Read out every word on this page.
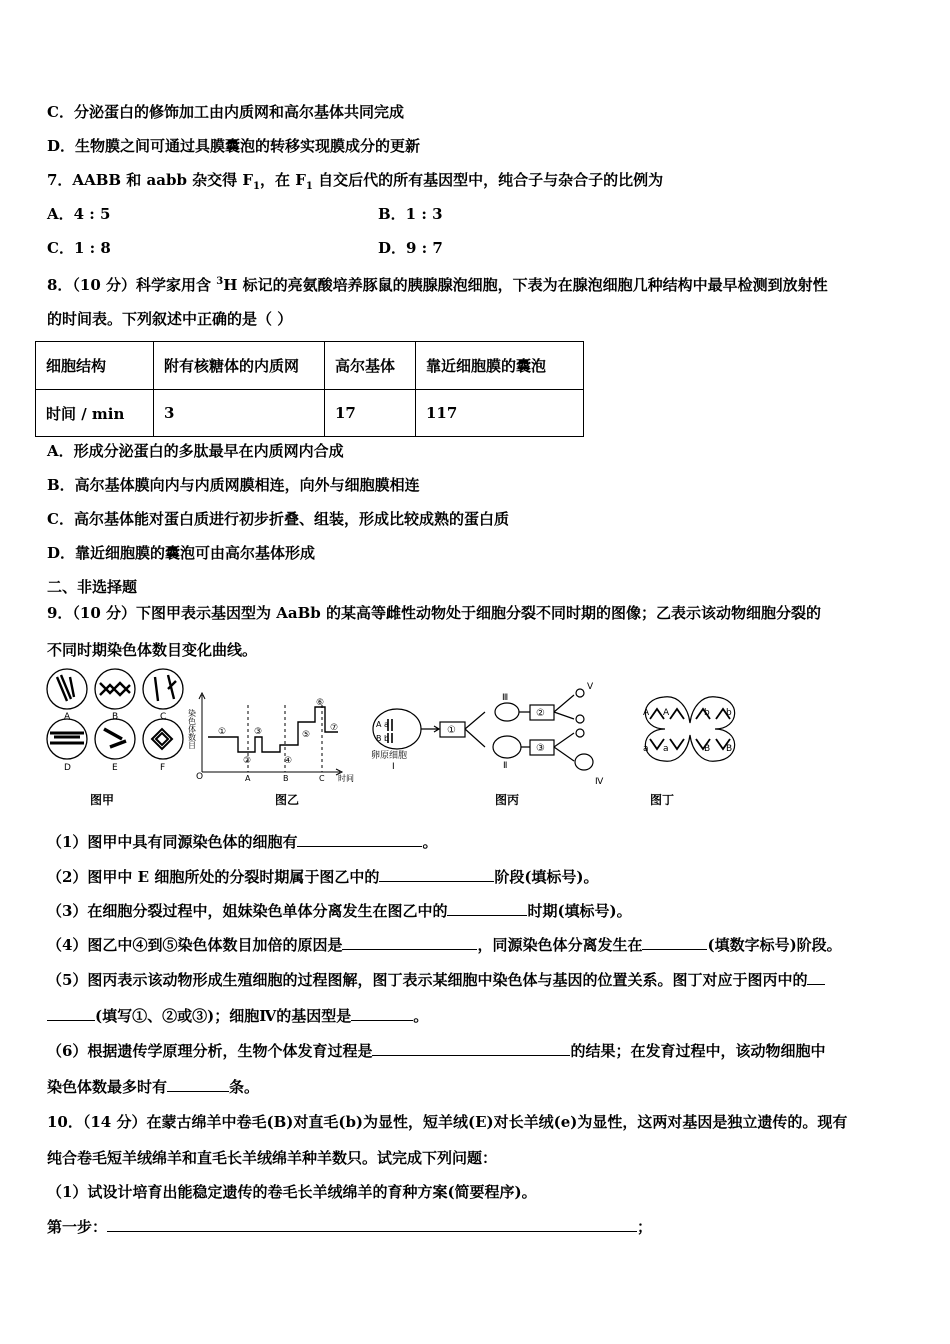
C．分泌蛋白的修饰加工由内质网和高尔基体共同完成
D．生物膜之间可通过具膜囊泡的转移实现膜成分的更新
7．AABB 和 aabb 杂交得 $F_1$，在 $F_1$ 自交后代的所有基因型中，纯合子与杂合子的比例为
A．4 : 5	B．1 : 3
C．1 : 8	D．9 : 7
8．（10 分）科学家用含 $^3$H 标记的亮氨酸培养豚鼠的胰腺腺泡细胞，下表为在腺泡细胞几种结构中最早检测到放射性
的时间表。下列叙述中正确的是（ ）
细胞结构	附有核糖体的内质网	高尔基体	靠近细胞膜的囊泡
时间 / min	3	17	117
A．形成分泌蛋白的多肽最早在内质网内合成
B．高尔基体膜向内与内质网膜相连，向外与细胞膜相连
C．高尔基体能对蛋白质进行初步折叠、组装，形成比较成熟的蛋白质
D．靠近细胞膜的囊泡可由高尔基体形成
二、非选择题
9．（10 分）下图甲表示基因型为 AaBb 的某高等雌性动物处于细胞分裂不同时期的图像；乙表示该动物细胞分裂的
不同时期染色体数目变化曲线。
A	B	C
D	E	F
图甲
染色体数目
O	时间
①
②
③
④
⑤
⑥
⑦
A	B	C
图乙
A a
B b
卵原细胞
Ⅰ
①
②
③
Ⅱ
Ⅲ
Ⅳ
Ⅴ
图丙
A A	b b
a a	B B
图丁
（1）图甲中具有同源染色体的细胞有	。
（2）图甲中 E 细胞所处的分裂时期属于图乙中的	阶段(填标号)。
（3）在细胞分裂过程中，姐妹染色单体分离发生在图乙中的	时期(填标号)。
（4）图乙中④到⑤染色体数目加倍的原因是	，同源染色体分离发生在	(填数字标号)阶段。
（5）图丙表示该动物形成生殖细胞的过程图解，图丁表示某细胞中染色体与基因的位置关系。图丁对应于图丙中的
(填写①、②或③)；细胞Ⅳ的基因型是	。
（6）根据遗传学原理分析，生物个体发育过程是	的结果；在发育过程中，该动物细胞中
染色体数最多时有	条。
10．（14 分）在蒙古绵羊中卷毛(B)对直毛(b)为显性，短羊绒(E)对长羊绒(e)为显性，这两对基因是独立遗传的。现有
纯合卷毛短羊绒绵羊和直毛长羊绒绵羊种羊数只。试完成下列问题：
（1）试设计培育出能稳定遗传的卷毛长羊绒绵羊的育种方案(简要程序)。
第一步：	；
